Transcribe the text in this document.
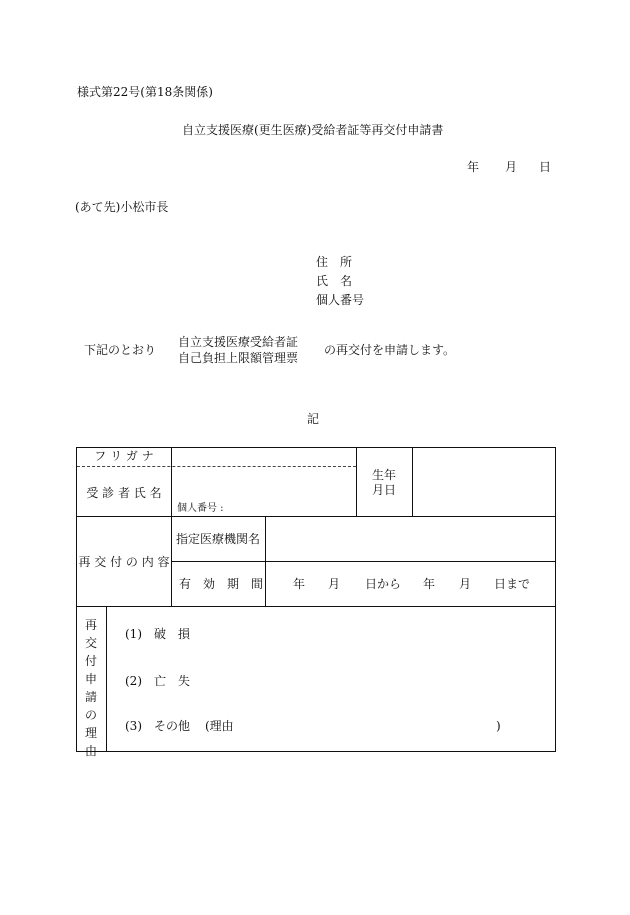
様式第22号(第18条関係)
自立支援医療(更生医療)受給者証等再交付申請書
年 月 日
(あて先)小松市長
住　所
氏　名
個人番号
下記のとおり
自立支援医療受給者証
自己負担上限額管理票
の再交付を申請します。
記
フ リ ガ ナ
受 診 者 氏 名
個人番号 :
生年
月日
再 交 付 の 内 容
指定医療機関名
有　効　期　間 年 月 日から 年 月 日まで
再
交
付
申
請
の
理
由
(1) 破　損
(2) 亡　失
(3) その他 (理由	)
